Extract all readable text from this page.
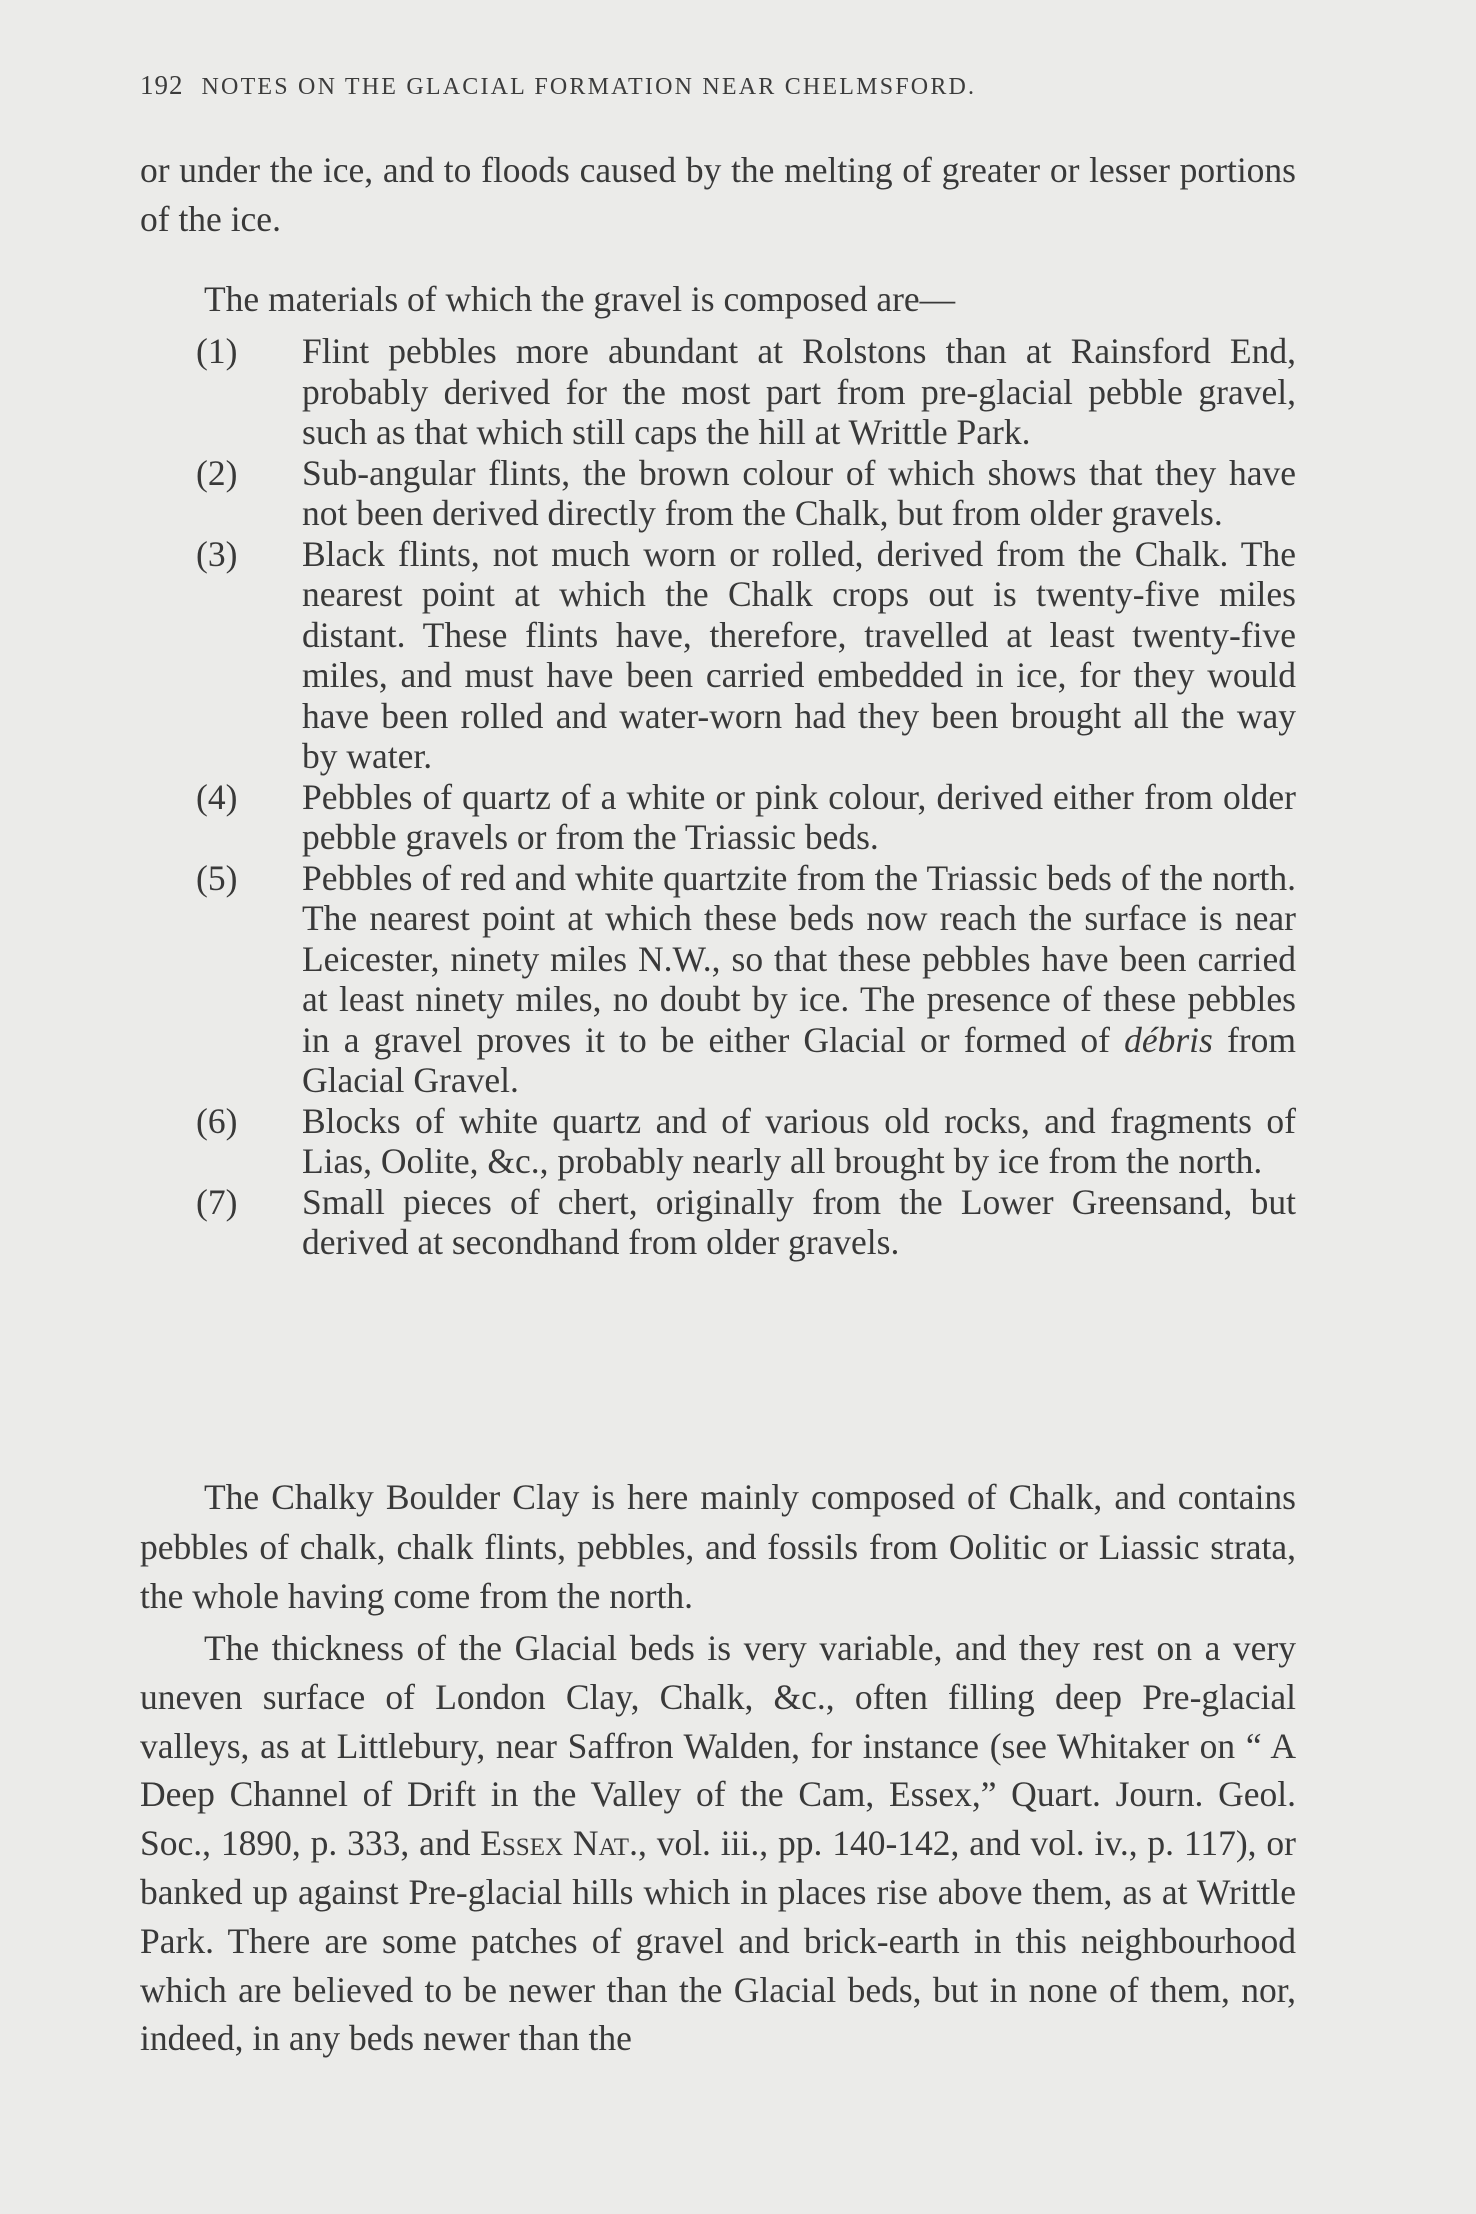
192 NOTES ON THE GLACIAL FORMATION NEAR CHELMSFORD.
or under the ice, and to floods caused by the melting of greater or lesser portions of the ice.
The materials of which the gravel is composed are—
(1)	Flint pebbles more abundant at Rolstons than at Rainsford End, probably derived for the most part from pre-glacial pebble gravel, such as that which still caps the hill at Writtle Park.
(2)	Sub-angular flints, the brown colour of which shows that they have not been derived directly from the Chalk, but from older gravels.
(3)	Black flints, not much worn or rolled, derived from the Chalk. The nearest point at which the Chalk crops out is twenty-five miles distant. These flints have, therefore, travelled at least twenty-five miles, and must have been carried embedded in ice, for they would have been rolled and water-worn had they been brought all the way by water.
(4)	Pebbles of quartz of a white or pink colour, derived either from older pebble gravels or from the Triassic beds.
(5)	Pebbles of red and white quartzite from the Triassic beds of the north. The nearest point at which these beds now reach the surface is near Leicester, ninety miles N.W., so that these pebbles have been carried at least ninety miles, no doubt by ice. The presence of these pebbles in a gravel proves it to be either Glacial or formed of débris from Glacial Gravel.
(6)	Blocks of white quartz and of various old rocks, and fragments of Lias, Oolite, &c., probably nearly all brought by ice from the north.
(7)	Small pieces of chert, originally from the Lower Greensand, but derived at secondhand from older gravels.
The Chalky Boulder Clay is here mainly composed of Chalk, and contains pebbles of chalk, chalk flints, pebbles, and fossils from Oolitic or Liassic strata, the whole having come from the north.
The thickness of the Glacial beds is very variable, and they rest on a very uneven surface of London Clay, Chalk, &c., often filling deep Pre-glacial valleys, as at Littlebury, near Saffron Walden, for instance (see Whitaker on “ A Deep Channel of Drift in the Valley of the Cam, Essex,” Quart. Journ. Geol. Soc., 1890, p. 333, and Essex Nat., vol. iii., pp. 140-142, and vol. iv., p. 117), or banked up against Pre-glacial hills which in places rise above them, as at Writtle Park. There are some patches of gravel and brick-earth in this neighbourhood which are believed to be newer than the Glacial beds, but in none of them, nor, indeed, in any beds newer than the
